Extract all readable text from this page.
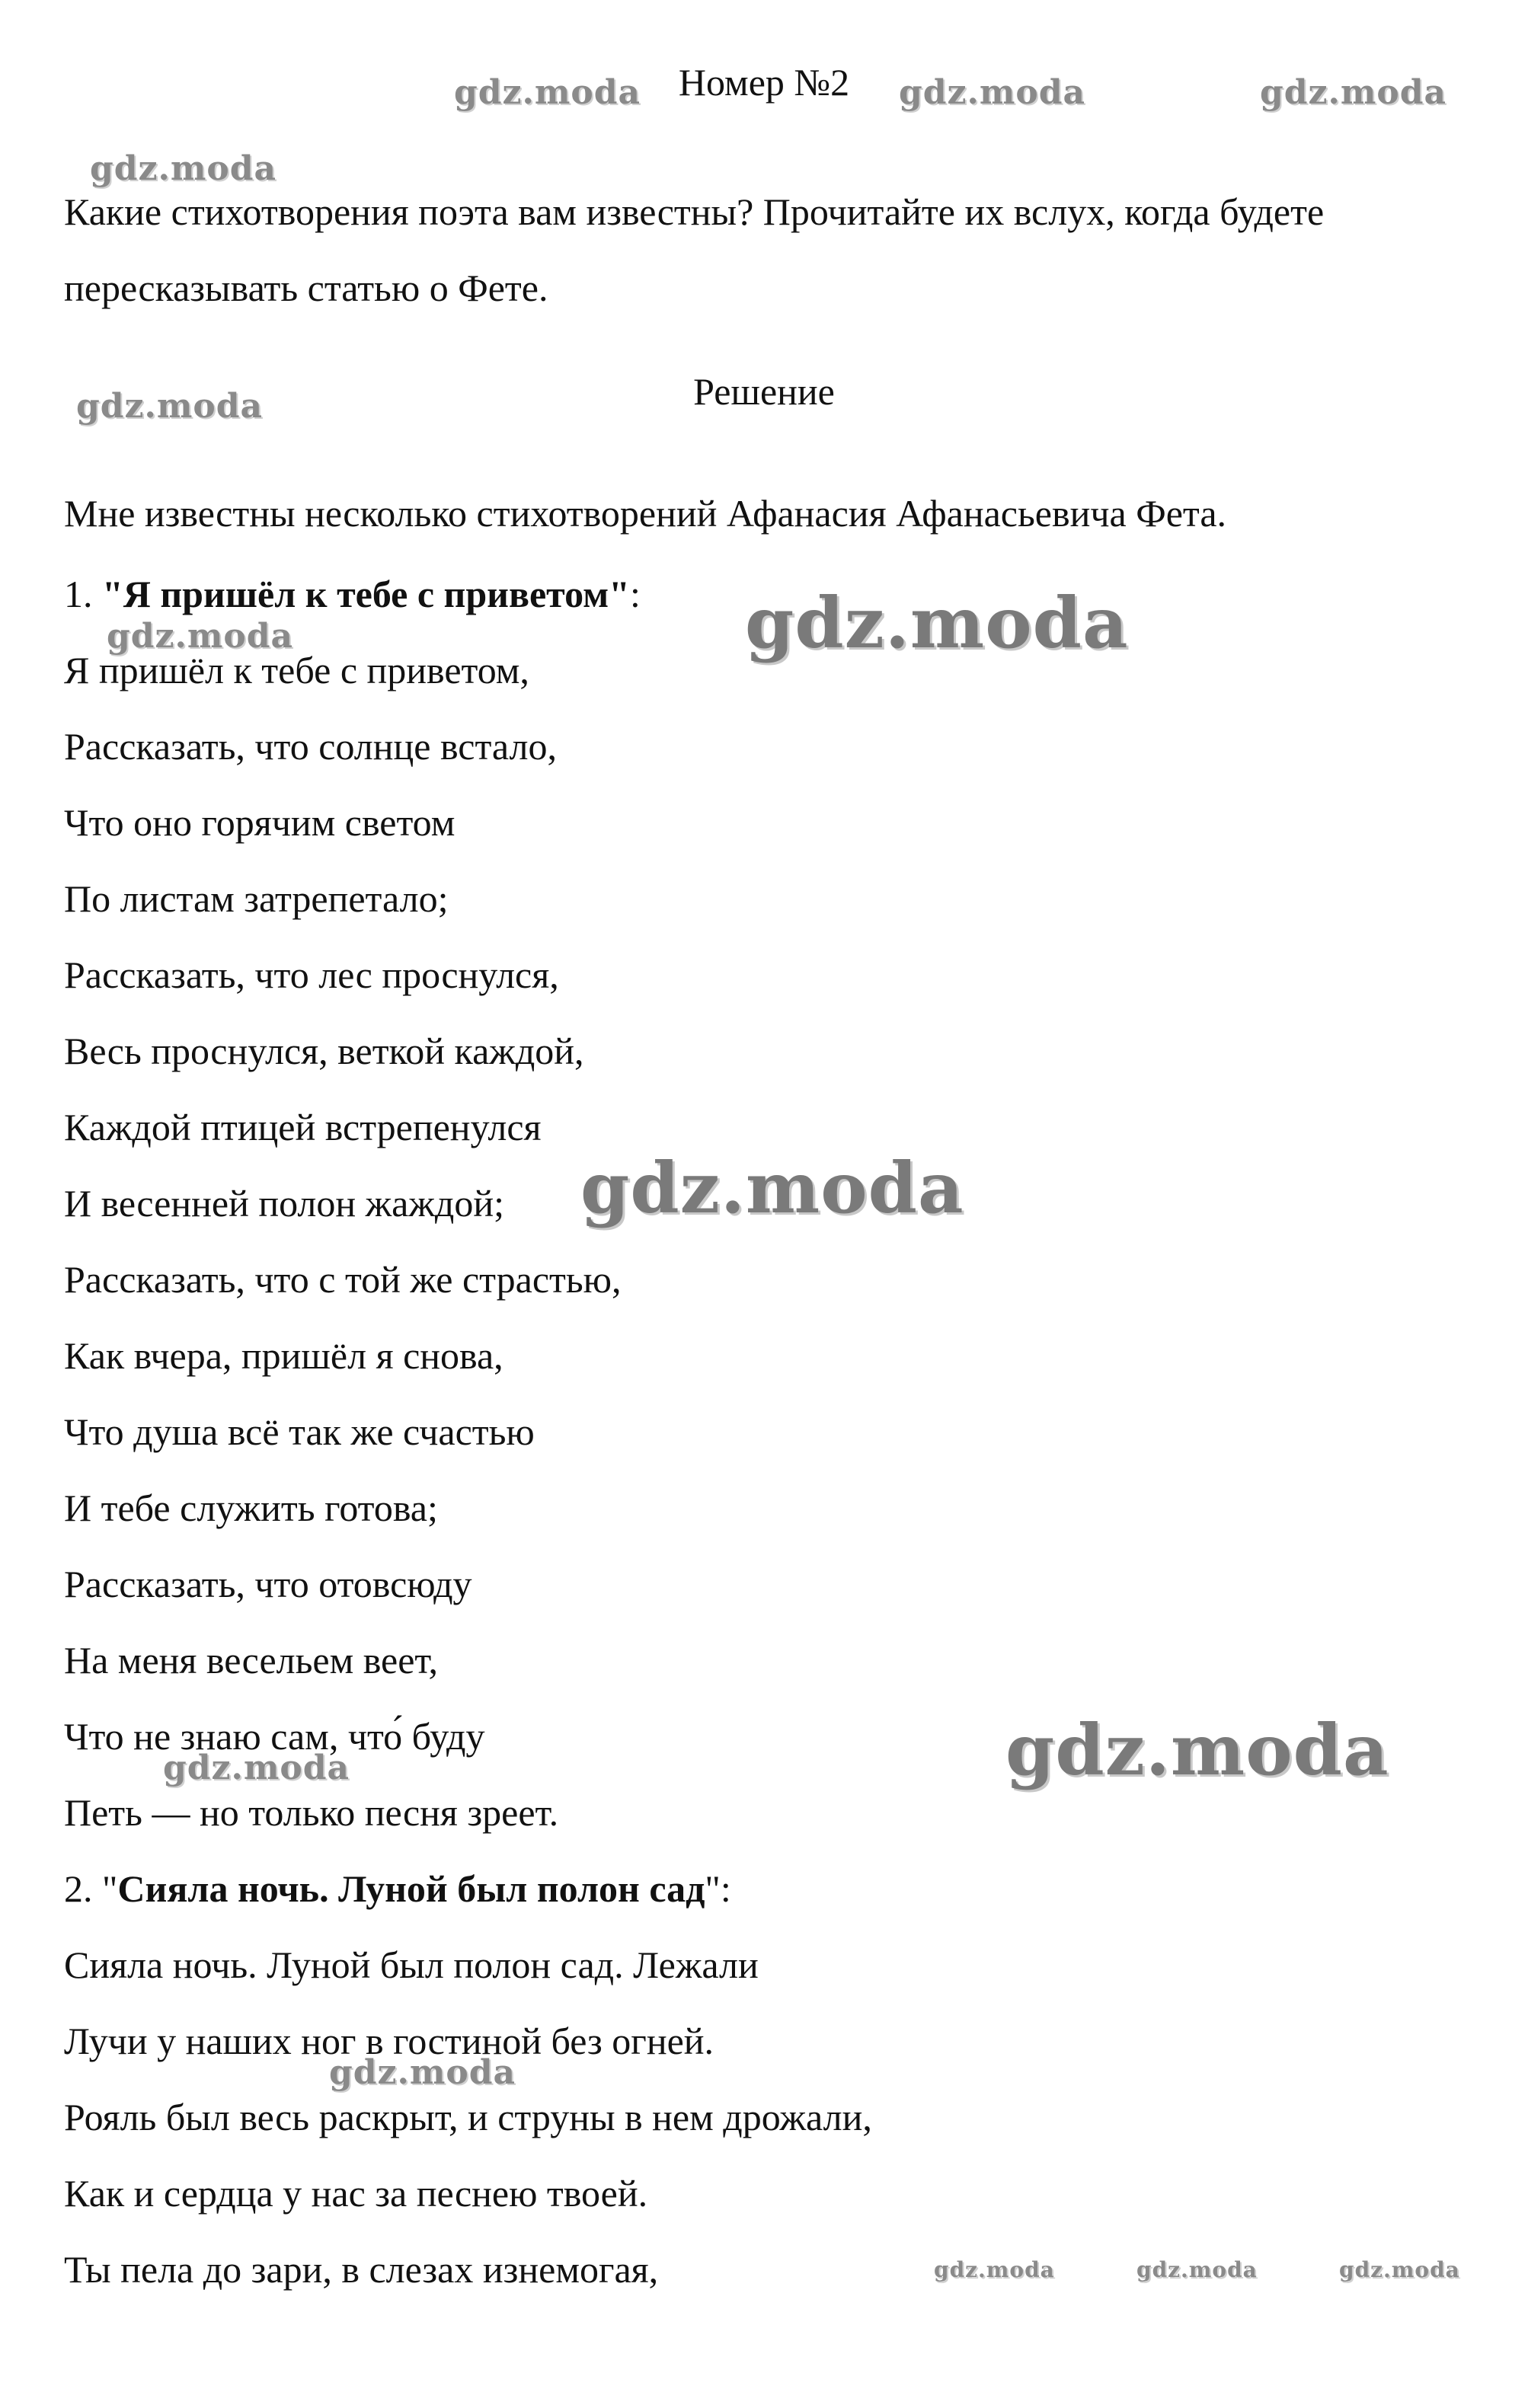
Номер №2
Какие стихотворения поэта вам известны? Прочитайте их вслух, когда будете пересказывать статью о Фете.
Решение
Мне известны несколько стихотворений Афанасия Афанасьевича Фета.
1. "Я пришёл к тебе с приветом":
Я пришёл к тебе с приветом,
Рассказать, что солнце встало,
Что оно горячим светом
По листам затрепетало;
Рассказать, что лес проснулся,
Весь проснулся, веткой каждой,
Каждой птицей встрепенулся
И весенней полон жаждой;
Рассказать, что с той же страстью,
Как вчера, пришёл я снова,
Что душа всё так же счастью
И тебе служить готова;
Рассказать, что отовсюду
На меня весельем веет,
Что не знаю сам, что́ буду
Петь — но только песня зреет.
2. "Сияла ночь. Луной был полон сад":
Сияла ночь. Луной был полон сад. Лежали
Лучи у наших ног в гостиной без огней.
Рояль был весь раскрыт, и струны в нем дрожали,
Как и сердца у нас за песнею твоей.
Ты пела до зари, в слезах изнемогая,
gdz.moda	gdz.moda	gdz.moda
gdz.moda
gdz.moda
gdz.moda	gdz.moda
gdz.moda
gdz.moda
gdz.moda
gdz.moda
gdz.moda	gdz.moda	gdz.moda
